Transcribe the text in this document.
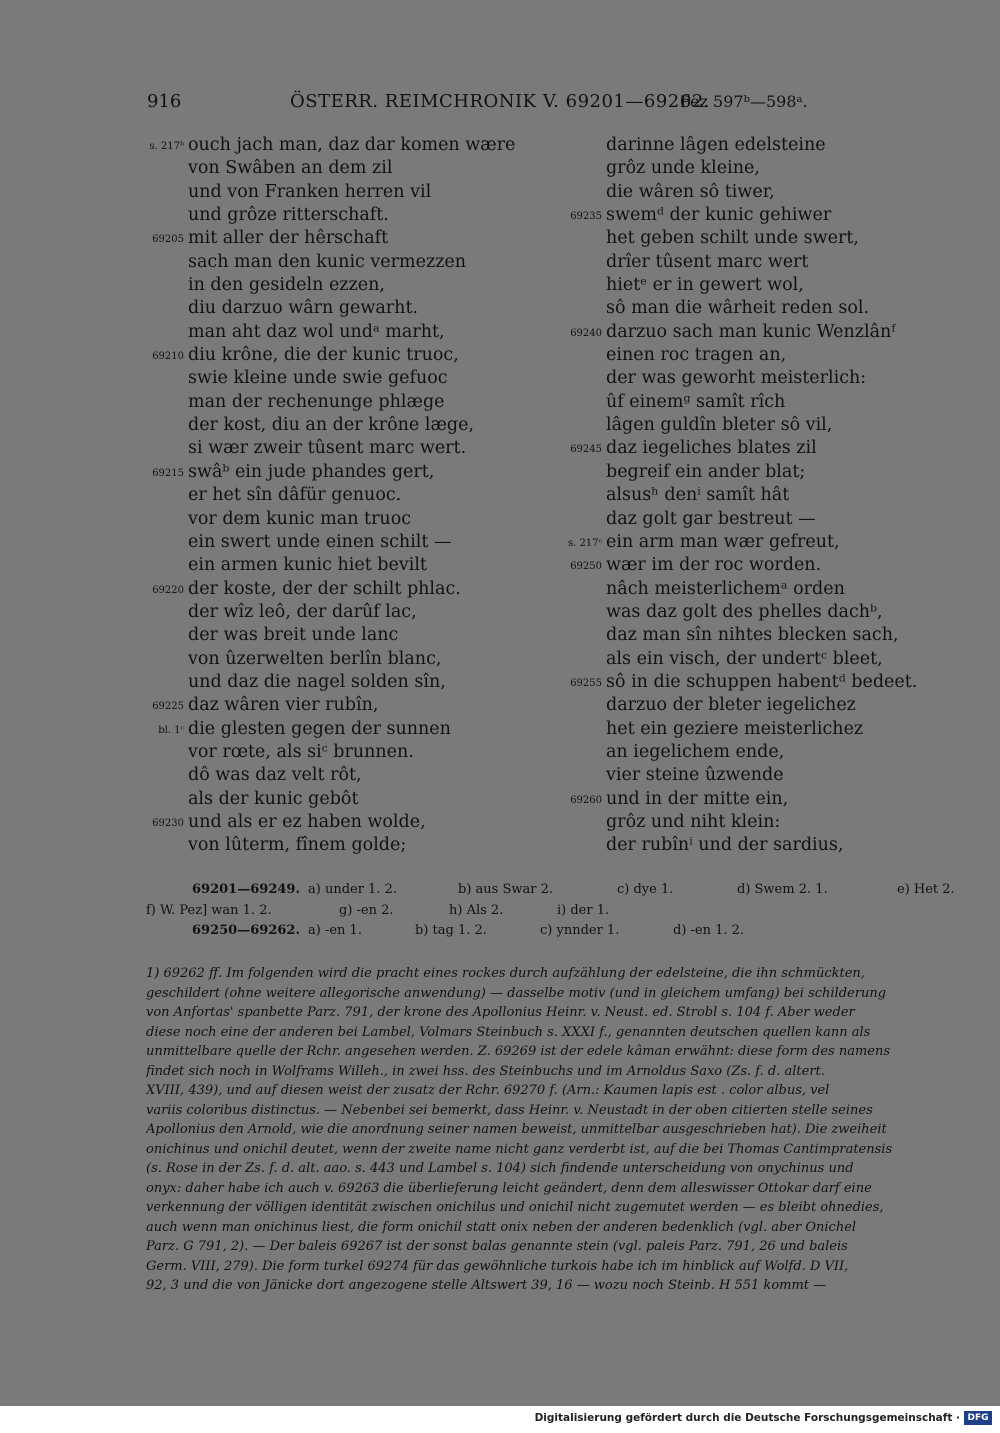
916	ÖSTERR. REIMCHRONIK V. 69201—69262.
Pez 597ᵇ—598ᵃ.
ouch jach man, daz dar komen wære
s. 217ᵇ
von Swâben an dem zil
und von Franken herren vil
und grôze ritterschaft.
mit aller der hêrschaft
69205
sach man den kunic vermezzen
in den gesideln ezzen,
diu darzuo wârn gewarht.
man aht daz wol undᵃ marht,
diu krône, die der kunic truoc,
69210
swie kleine unde swie gefuoc
man der rechenunge phlæge
der kost, diu an der krône læge,
si wær zweir tûsent marc wert.
swâᵇ ein jude phandes gert,
69215
er het sîn dâfür genuoc.
vor dem kunic man truoc
ein swert unde einen schilt —
ein armen kunic hiet bevilt
der koste, der der schilt phlac.
69220
der wîz leô, der darûf lac,
der was breit unde lanc
von ûzerwelten berlîn blanc,
und daz die nagel solden sîn,
daz wâren vier rubîn,
69225
die glesten gegen der sunnen
bl. 1ᶜ
vor rœte, als siᶜ brunnen.
dô was daz velt rôt,
als der kunic gebôt
und als er ez haben wolde,
69230
von lûterm, fînem golde;
darinne lâgen edelsteine
grôz unde kleine,
die wâren sô tiwer,
swemᵈ der kunic gehiwer
69235
het geben schilt unde swert,
drîer tûsent marc wert
hietᵉ er in gewert wol,
sô man die wârheit reden sol.
darzuo sach man kunic Wenzlânᶠ
69240
einen roc tragen an,
der was geworht meisterlich:
ûf einemᵍ samît rîch
lâgen guldîn bleter sô vil,
daz iegeliches blates zil
69245
begreif ein ander blat;
alsusʰ denⁱ samît hât
daz golt gar bestreut —
ein arm man wær gefreut,
s. 217ᶜ
wær im der roc worden.
69250
nâch meisterlichemᵃ orden
was daz golt des phelles dachᵇ,
daz man sîn nihtes blecken sach,
als ein visch, der undertᶜ bleet,
sô in die schuppen habentᵈ bedeet.
69255
darzuo der bleter iegelichez
het ein geziere meisterlichez
an iegelichem ende,
vier steine ûzwende
und in der mitte ein,
69260
grôz und niht klein:
der rubînⁱ und der sardius,
69201—69249. a) under 1. 2.	b) aus Swar 2.	c) dye 1.	d) Swem 2. 1.	e) Het 2.
f) W. Pez] wan 1. 2.	g) -en 2.	h) Als 2.	i) der 1.
69250—69262. a) -en 1.	b) tag 1. 2.	c) ynnder 1.	d) -en 1. 2.
1) 69262 ff. Im folgenden wird die pracht eines rockes durch aufzählung der edelsteine, die ihn schmückten,
geschildert (ohne weitere allegorische anwendung) — dasselbe motiv (und in gleichem umfang) bei schilderung
von Anfortas' spanbette Parz. 791, der krone des Apollonius Heinr. v. Neust. ed. Strobl s. 104 f. Aber weder
diese noch eine der anderen bei Lambel, Volmars Steinbuch s. XXXI f., genannten deutschen quellen kann als
unmittelbare quelle der Rchr. angesehen werden. Z. 69269 ist der edele kâman erwähnt: diese form des namens
findet sich noch in Wolframs Willeh., in zwei hss. des Steinbuchs und im Arnoldus Saxo (Zs. f. d. altert.
XVIII, 439), und auf diesen weist der zusatz der Rchr. 69270 f. (Arn.: Kaumen lapis est . color albus, vel
variis coloribus distinctus. — Nebenbei sei bemerkt, dass Heinr. v. Neustadt in der oben citierten stelle seines
Apollonius den Arnold, wie die anordnung seiner namen beweist, unmittelbar ausgeschrieben hat). Die zweiheit
onichinus und onichil deutet, wenn der zweite name nicht ganz verderbt ist, auf die bei Thomas Cantimpratensis
(s. Rose in der Zs. f. d. alt. aao. s. 443 und Lambel s. 104) sich findende unterscheidung von onychinus und
onyx: daher habe ich auch v. 69263 die überlieferung leicht geändert, denn dem alleswisser Ottokar darf eine
verkennung der völligen identität zwischen onichilus und onichil nicht zugemutet werden — es bleibt ohnedies,
auch wenn man onichinus liest, die form onichil statt onix neben der anderen bedenklich (vgl. aber Onichel
Parz. G 791, 2). — Der baleis 69267 ist der sonst balas genannte stein (vgl. paleis Parz. 791, 26 und baleis
Germ. VIII, 279). Die form turkel 69274 für das gewöhnliche turkois habe ich im hinblick auf Wolfd. D VII,
92, 3 und die von Jänicke dort angezogene stelle Altswert 39, 16 — wozu noch Steinb. H 551 kommt —
Digitalisierung gefördert durch die Deutsche Forschungsgemeinschaft · DFG
